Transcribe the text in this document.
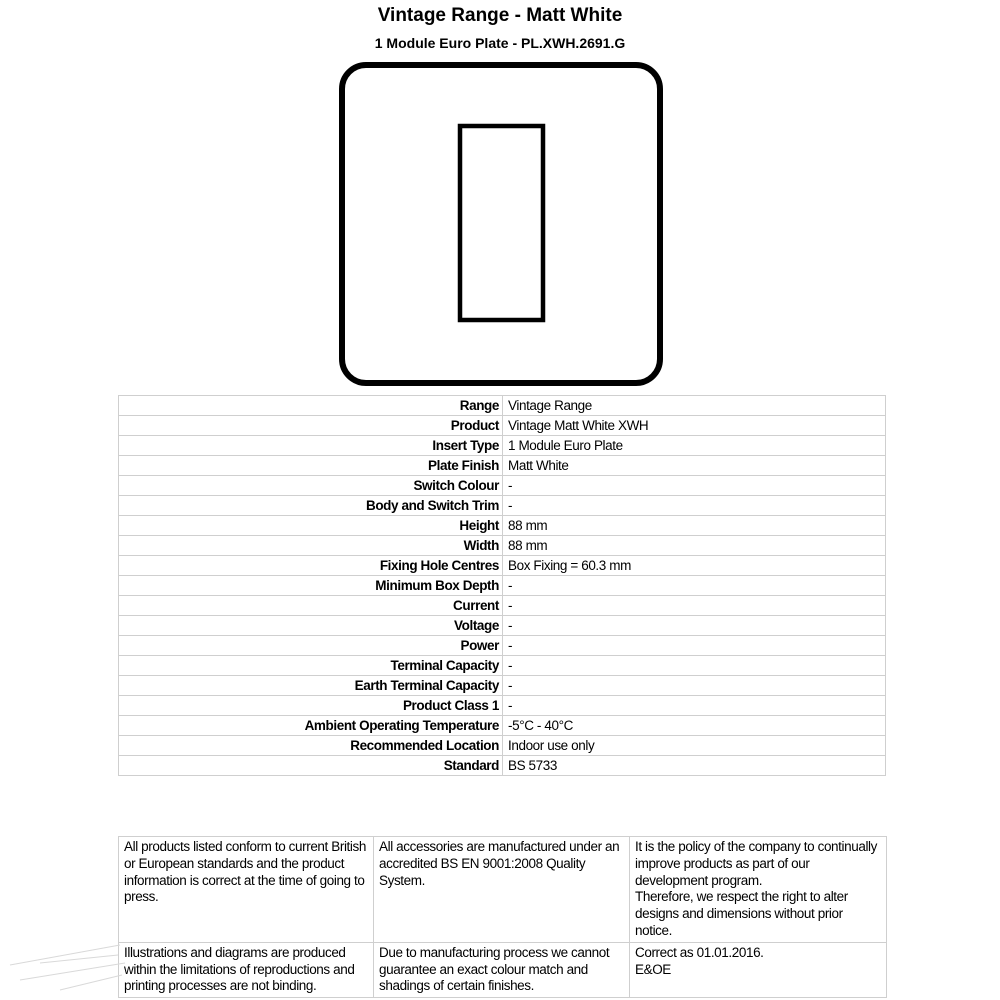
Vintage Range - Matt White
1 Module Euro Plate - PL.XWH.2691.G
Range	Vintage Range
Product	Vintage Matt White XWH
Insert Type	1 Module Euro Plate
Plate Finish	Matt White
Switch Colour	-
Body and Switch Trim	-
Height	88 mm
Width	88 mm
Fixing Hole Centres	Box Fixing = 60.3 mm
Minimum Box Depth	-
Current	-
Voltage	-
Power	-
Terminal Capacity	-
Earth Terminal Capacity	-
Product Class 1	-
Ambient Operating Temperature	-5°C - 40°C
Recommended Location	Indoor use only
Standard	BS 5733
All products listed conform to current British or European standards and the product information is correct at the time of going to press.	All accessories are manufactured under an accredited BS EN 9001:2008 Quality System.	It is the policy of the company to continually improve products as part of our development program.
Therefore, we respect the right to alter designs and dimensions without prior notice.
Illustrations and diagrams are produced within the limitations of reproductions and printing processes are not binding.	Due to manufacturing process we cannot guarantee an exact colour match and shadings of certain finishes.	Correct as 01.01.2016.
E&OE
